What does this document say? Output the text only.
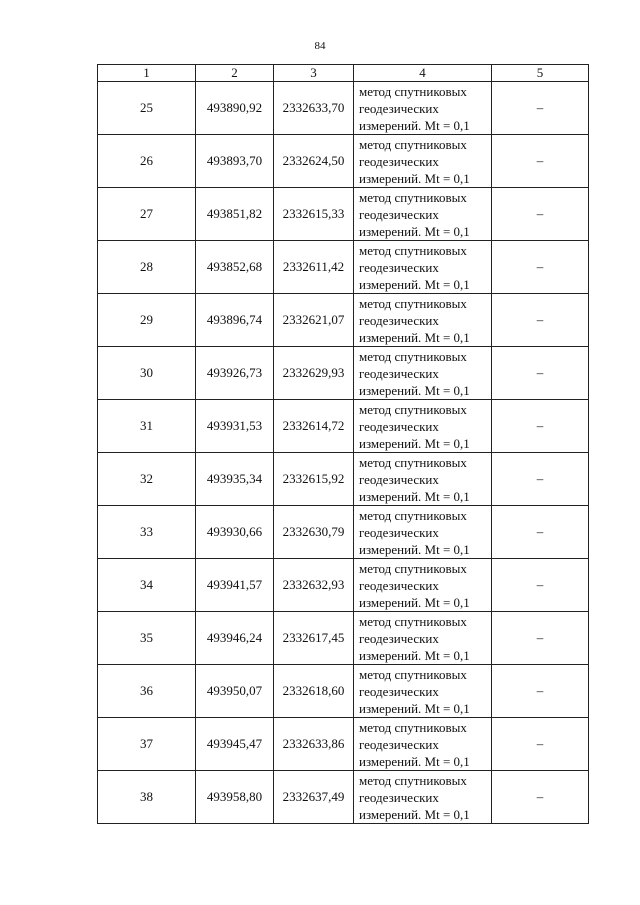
84
1	2	3	4	5
25	493890,92	2332633,70	метод спутниковых
геодезических
измерений. Mt = 0,1	–
26	493893,70	2332624,50	метод спутниковых
геодезических
измерений. Mt = 0,1	–
27	493851,82	2332615,33	метод спутниковых
геодезических
измерений. Mt = 0,1	–
28	493852,68	2332611,42	метод спутниковых
геодезических
измерений. Mt = 0,1	–
29	493896,74	2332621,07	метод спутниковых
геодезических
измерений. Mt = 0,1	–
30	493926,73	2332629,93	метод спутниковых
геодезических
измерений. Mt = 0,1	–
31	493931,53	2332614,72	метод спутниковых
геодезических
измерений. Mt = 0,1	–
32	493935,34	2332615,92	метод спутниковых
геодезических
измерений. Mt = 0,1	–
33	493930,66	2332630,79	метод спутниковых
геодезических
измерений. Mt = 0,1	–
34	493941,57	2332632,93	метод спутниковых
геодезических
измерений. Mt = 0,1	–
35	493946,24	2332617,45	метод спутниковых
геодезических
измерений. Mt = 0,1	–
36	493950,07	2332618,60	метод спутниковых
геодезических
измерений. Mt = 0,1	–
37	493945,47	2332633,86	метод спутниковых
геодезических
измерений. Mt = 0,1	–
38	493958,80	2332637,49	метод спутниковых
геодезических
измерений. Mt = 0,1	–
